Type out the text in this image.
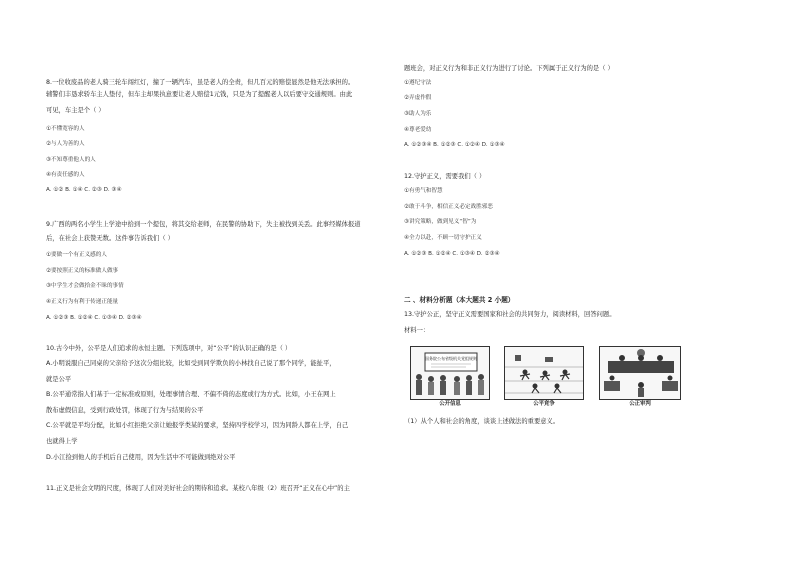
8.一位收废品的老人骑三轮车闯红灯，撞了一辆汽车，虽是老人的全责，但几百元的赔偿显然是他无法承担的。
辅警们丰恳求轿车主人垫付，但车主却果执意要让老人赔偿1元钱，只是为了提醒老人以后要守交通规则。由此
可见，车主是个（ ）
①不懂宽容的人
②与人为善的人
③不知尊重他人的人
④有责任感的人
A. ①② B. ①④ C. ②③ D. ③④
9.广西的两名小学生上学途中拾到一个提包，将其交给老师，在民警的协助下，失主被找到关丢。此事经媒体报道
后，在社会上获赞无数。这件事告诉我们（ ）
①要做一个有正义感的人
②要按照正义的标准做人做事
③中学生才会做拾金不昧的事情
④正义行为有利于传递正能量
A. ①②③ B. ①②④ C. ①③④ D. ②③④
10.古今中外，公平是人们追求的永恒主题。下列选项中，对“公平”的认识正确的是（ ）
A.小明说服自己同桌的父亲给予这次分组比较，比如受到同学欺负的小林找自己说了那个同学，能扯平，
就是公平
B.公平通常指人们基于一定标准或原则，处理事情合理、不偏不倚的态度或行为方式。比如，小王在网上
散布虚假信息，受到行政处罚，体现了行为与结果的公平
C.公平就是平均分配，比如小红拒绝父亲让她报学类某的要求，坚持四学校学习，因为同龄人都在上学，自己
也就得上学
D.小江捡到他人的手机后自己使用，因为生活中不可能做到绝对公平
11.正义是社会文明的尺度，体现了人们对美好社会的期待和追求。某校八年级（2）班召开“正义在心中”的主
题班会，对正义行为和非正义行为进行了讨论。下列属于正义行为的是（ ）
①遵纪守法
②弄虚作假
③助人为乐
④尊老爱幼
A. ①②③④ B. ①②③ C. ①②④ D. ①③④
12.守护正义，需要我们（ ）
①有勇气和智慧
②敢于斗争，相信正义必定战胜邪恶
③讲究策略，做到见义“智”为
④全力以赴，不顾一切守护正义
A. ①②③ B. ①②④ C. ①③④ D. ②③④
二 、材料分析题（本大题共 2 小题）
13.守护公正，坚守正义需要国家和社会的共同努力，阅读材料，回答问题。
材料一：
国务院公布省级机关党组规则
公开信息	公平竞争	公正审判
（1）从个人和社会的角度，谈谈上述做法的重要意义。
